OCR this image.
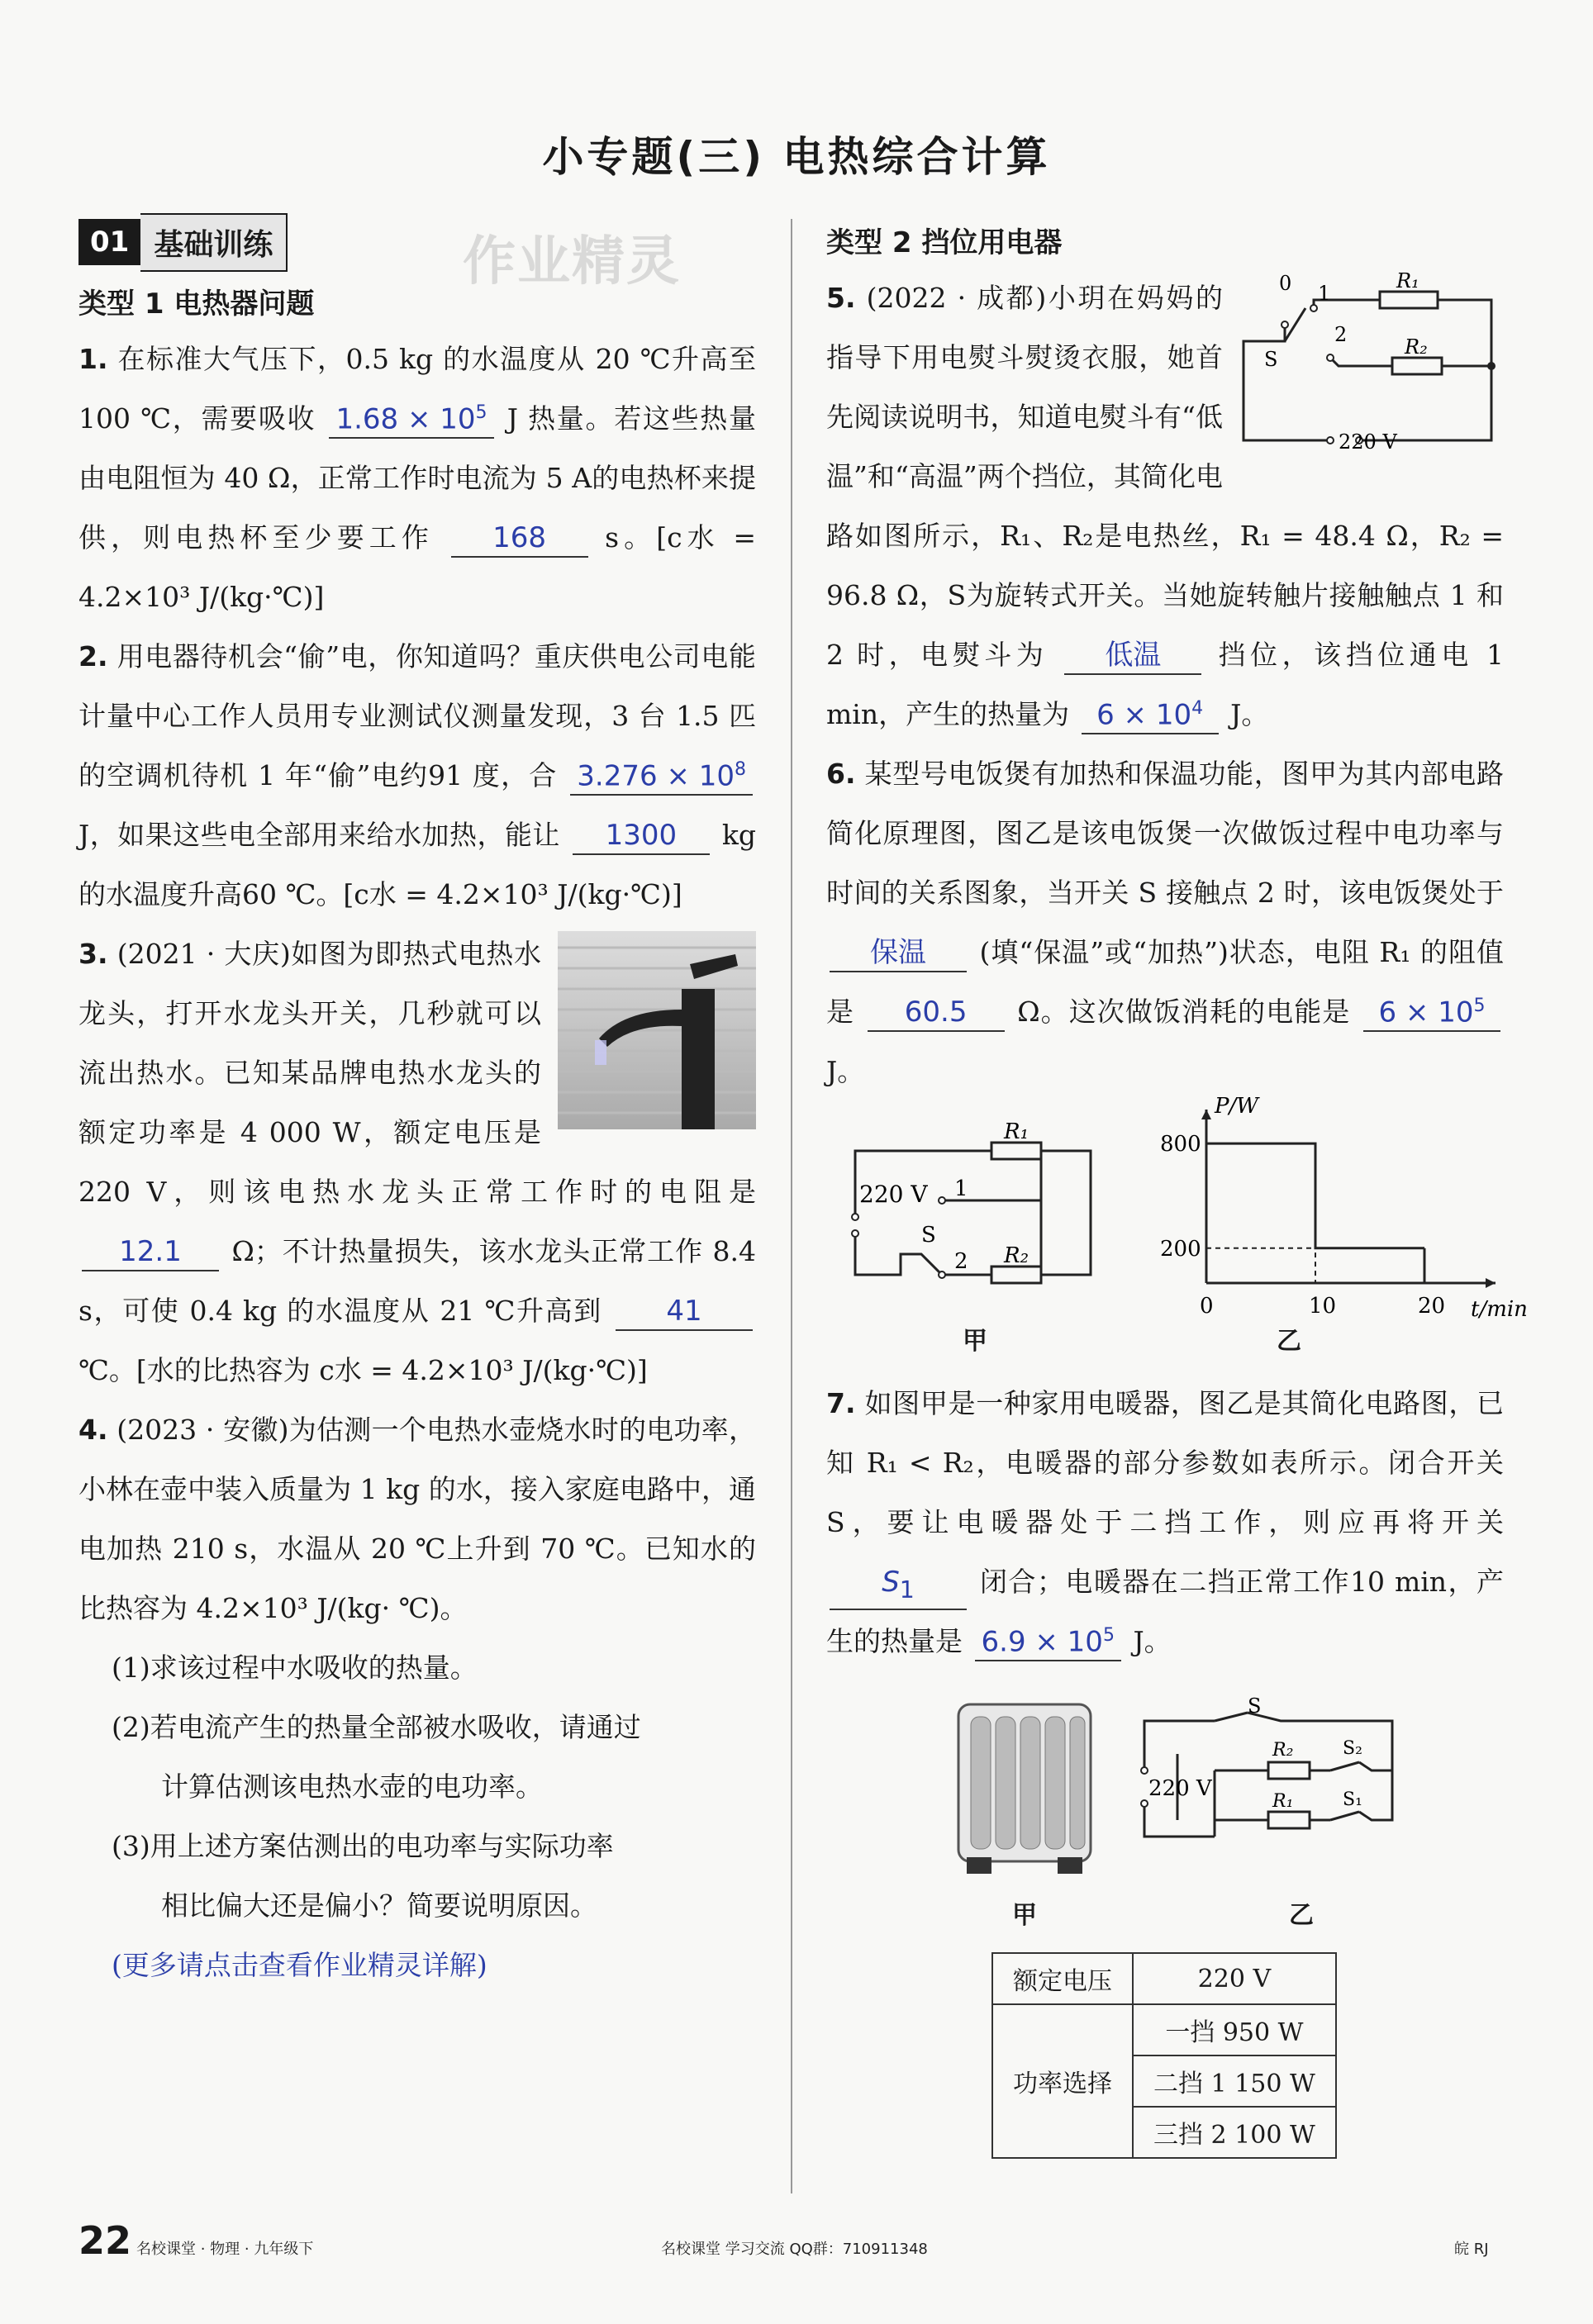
小专题(三) 电热综合计算
01 基础训练
类型 1 电热器问题
1. 在标准大气压下，0.5 kg 的水温度从 20 ℃升高至 100 ℃，需要吸收 $1.68 \times 10^5$ J 热量。若这些热量由电阻恒为 40 Ω，正常工作时电流为 5 A的电热杯来提供，则电热杯至少要工作 168 s。[c水 = 4.2×10³ J/(kg·℃)]
2. 用电器待机会“偷”电，你知道吗？重庆供电公司电能计量中心工作人员用专业测试仪测量发现，3 台 1.5 匹的空调机待机 1 年“偷”电约91 度，合 $3.276 \times 10^8$ J，如果这些电全部用来给水加热，能让 1300 kg 的水温度升高60 ℃。[c水 = 4.2×10³ J/(kg·℃)]
3. (2021 · 大庆)如图为即热式电热水龙头，打开水龙头开关，几秒就可以流出热水。已知某品牌电热水龙头的额定功率是 4 000 W，额定电压是 220 V，则该电热水龙头正常工作时的电阻是 12.1 Ω；不计热量损失，该水龙头正常工作 8.4 s，可使 0.4 kg 的水温度从 21 ℃升高到 41 ℃。[水的比热容为 c水 = 4.2×10³ J/(kg·℃)]
4. (2023 · 安徽)为估测一个电热水壶烧水时的电功率，小林在壶中装入质量为 1 kg 的水，接入家庭电路中，通电加热 210 s，水温从 20 ℃上升到 70 ℃。已知水的比热容为 4.2×10³ J/(kg· ℃)。
(1)求该过程中水吸收的热量。
(2)若电流产生的热量全部被水吸收，请通过
计算估测该电热水壶的电功率。
(3)用上述方案估测出的电功率与实际功率
相比偏大还是偏小？简要说明原因。
(更多请点击查看作业精灵详解)
作业精灵	类型 2 挡位用电器
0 1
2
S
R₁
R₂
220 V
5. (2022 · 成都)小玥在妈妈的指导下用电熨斗熨烫衣服，她首先阅读说明书，知道电熨斗有“低温”和“高温”两个挡位，其简化电路如图所示，R₁、R₂是电热丝，R₁ = 48.4 Ω，R₂ = 96.8 Ω，S为旋转式开关。当她旋转触片接触触点 1 和 2 时，电熨斗为 低温 挡位，该挡位通电 1 min，产生的热量为 $6 \times 10^4$ J。
6. 某型号电饭煲有加热和保温功能，图甲为其内部电路简化原理图，图乙是该电饭煲一次做饭过程中电功率与时间的关系图象，当开关 S 接触点 2 时，该电饭煲处于 保温 (填“保温”或“加热”)状态，电阻 R₁ 的阻值是 60.5 Ω。这次做饭消耗的电能是 $6 \times 10^5$ J。
220 V
S
1
2
R₁
R₂
甲
P/W
t/min
0	10	20
200
800
乙
7. 如图甲是一种家用电暖器，图乙是其简化电路图，已知 R₁ < R₂，电暖器的部分参数如表所示。闭合开关 S，要让电暖器处于二挡工作，则应再将开关 $S_1$ 闭合；电暖器在二挡正常工作10 min，产生的热量是 $6.9 \times 10^5$ J。
甲
S
220 V
R₂
R₁
S₂
S₁
乙
额定电压	220 V
功率选择	一挡 950 W
	二挡 1 150 W
	三挡 2 100 W
22 名校课堂 · 物理 · 九年级下	名校课堂 学习交流 QQ群：710911348	皖 RJ
